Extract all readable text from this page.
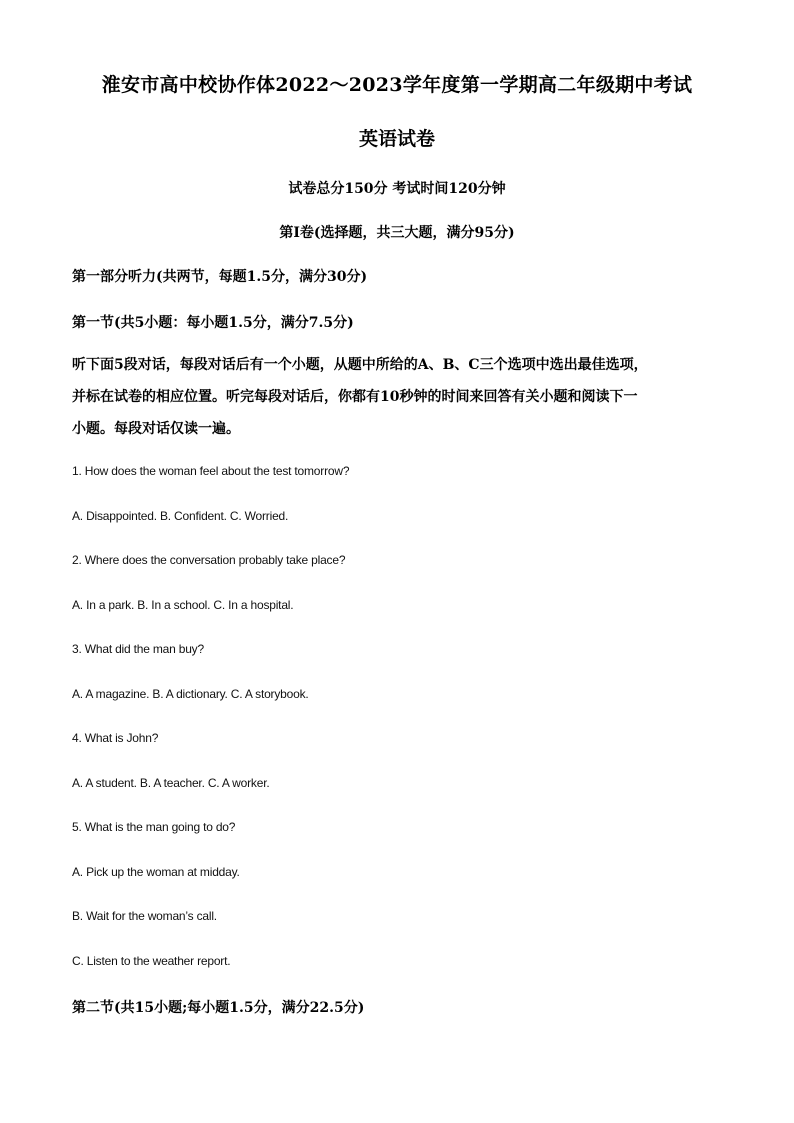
淮安市高中校协作体2022～2023学年度第一学期高二年级期中考试
英语试卷
试卷总分150分 考试时间120分钟
第Ⅰ卷(选择题，共三大题，满分95分)
第一部分听力(共两节，每题1.5分，满分30分)
第一节(共5小题：每小题1.5分，满分7.5分)
听下面5段对话，每段对话后有一个小题，从题中所给的A、B、C三个选项中选出最佳选项，
并标在试卷的相应位置。听完每段对话后，你都有10秒钟的时间来回答有关小题和阅读下一
小题。每段对话仅读一遍。
1. How does the woman feel about the test tomorrow?
A. Disappointed. B. Confident. C. Worried.
2. Where does the conversation probably take place?
A. In a park. B. In a school. C. In a hospital.
3. What did the man buy?
A. A magazine. B. A dictionary. C. A storybook.
4. What is John?
A. A student. B. A teacher. C. A worker.
5. What is the man going to do?
A. Pick up the woman at midday.
B. Wait for the woman’s call.
C. Listen to the weather report.
第二节(共15小题;每小题1.5分，满分22.5分)
